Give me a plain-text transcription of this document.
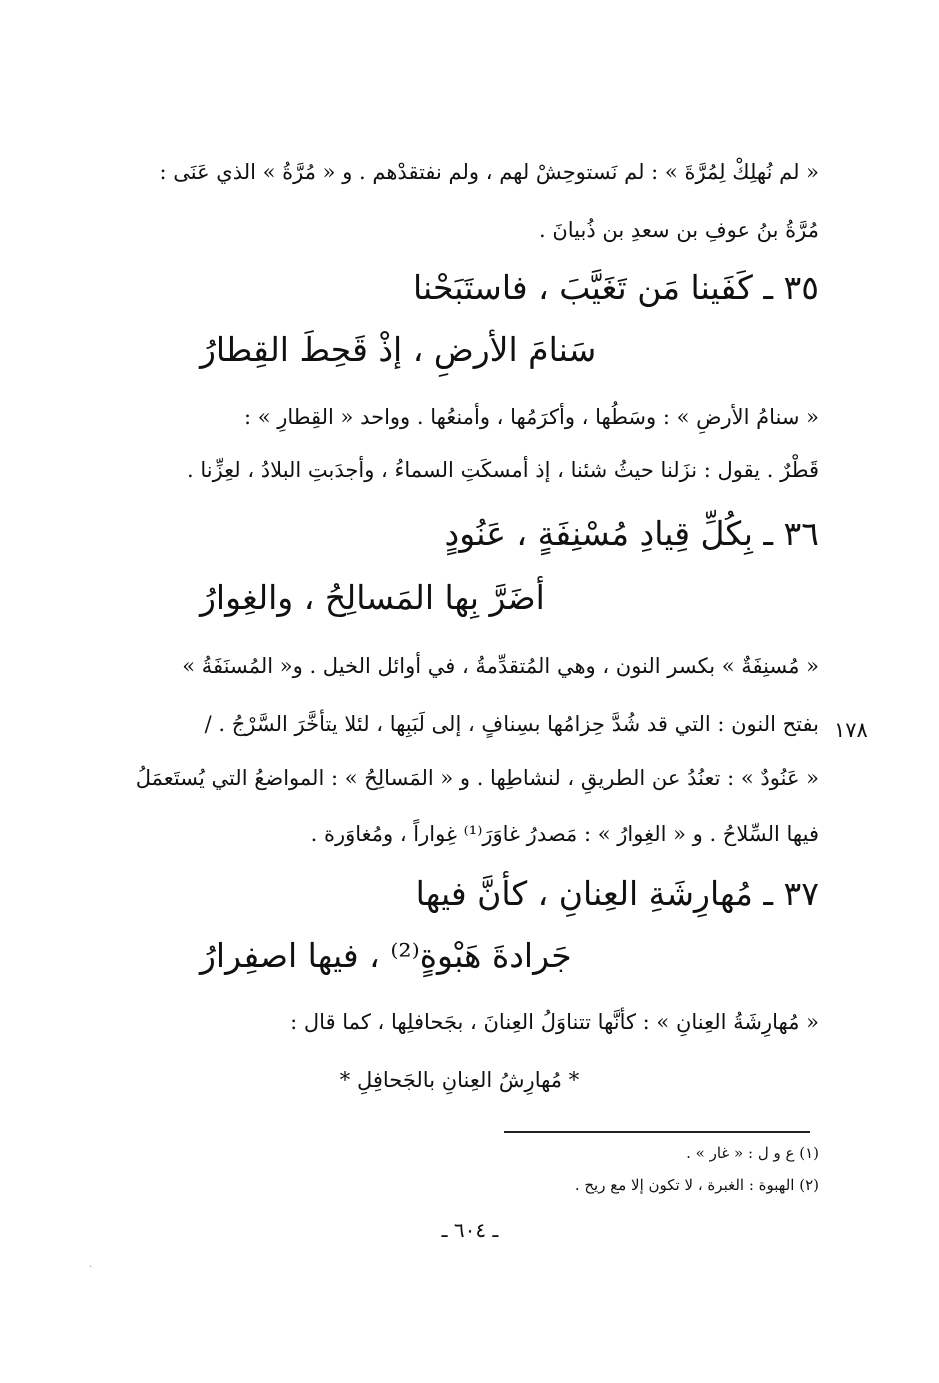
« لم نُهلِكْ لِمُرَّةَ » : لم نَستوحِشْ لهم ، ولم نفتقدْهم . و « مُرَّةُ » الذي عَنَى :
مُرَّةُ بنُ عوفِ بن سعدِ بن ذُبيانَ .
٣٥ ـ كَفَينا مَن تَغَيَّبَ ، فاستَبَحْنا
سَنامَ الأرضِ ، إذْ قَحِطَ القِطارُ
« سنامُ الأرضِ » : وسَطُها ، وأكرَمُها ، وأمنعُها . وواحد « القِطارِ » :
قَطْرٌ . يقول : نزَلنا حيثُ شئنا ، إذ أمسكَتِ السماءُ ، وأجدَبتِ البلادُ ، لعِزِّنا .
٣٦ ـ بِكُلِّ قِيادِ مُسْنِفَةٍ ، عَنُودٍ
أضَرَّ بِها المَسالِحُ ، والغِوارُ
« مُسنِفَةٌ » بكسر النون ، وهي المُتقدِّمةُ ، في أوائل الخيل . و« المُسنَفَةُ »
بفتح النون : التي قد شُدَّ حِزامُها بسِنافٍ ، إلى لَبَبِها ، لئلا يتأخَّرَ السَّرْجُ . / ١٧٨
« عَنُودٌ » : تعنُدُ عن الطريقِ ، لنشاطِها . و « المَسالِحُ » : المواضعُ التي يُستَعمَلُ
فيها السِّلاحُ . و « الغِوارُ » : مَصدرُ غاوَرَ⁽¹⁾ غِواراً ، ومُغاوَرة .
٣٧ ـ مُهارِشَةِ العِنانِ ، كأنَّ فيها
جَرادةَ هَبْوةٍ⁽²⁾ ، فيها اصفِرارُ
« مُهارِشَةُ العِنانِ » : كأنَّها تتناوَلُ العِنانَ ، بجَحافلِها ، كما قال :
* مُهارِشُ العِنانِ بالجَحافِلِ *
(١) ع و ل : « غار » .
(٢) الهبوة : الغبرة ، لا تكون إلا مع ريح .
ـ ٦٠٤ ـ
·
